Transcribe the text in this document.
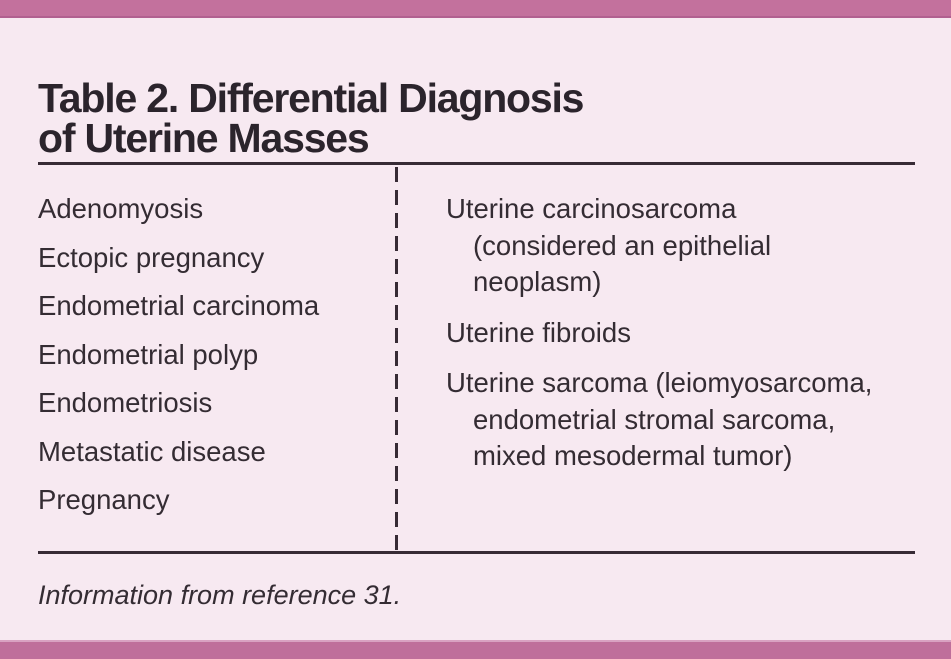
Table 2. Differential Diagnosis
of Uterine Masses
Adenomyosis
Ectopic pregnancy
Endometrial carcinoma
Endometrial polyp
Endometriosis
Metastatic disease
Pregnancy
Uterine carcinosarcoma
(considered an epithelial
neoplasm)
Uterine fibroids
Uterine sarcoma (leiomyosarcoma,
endometrial stromal sarcoma,
mixed mesodermal tumor)
Information from reference 31.
